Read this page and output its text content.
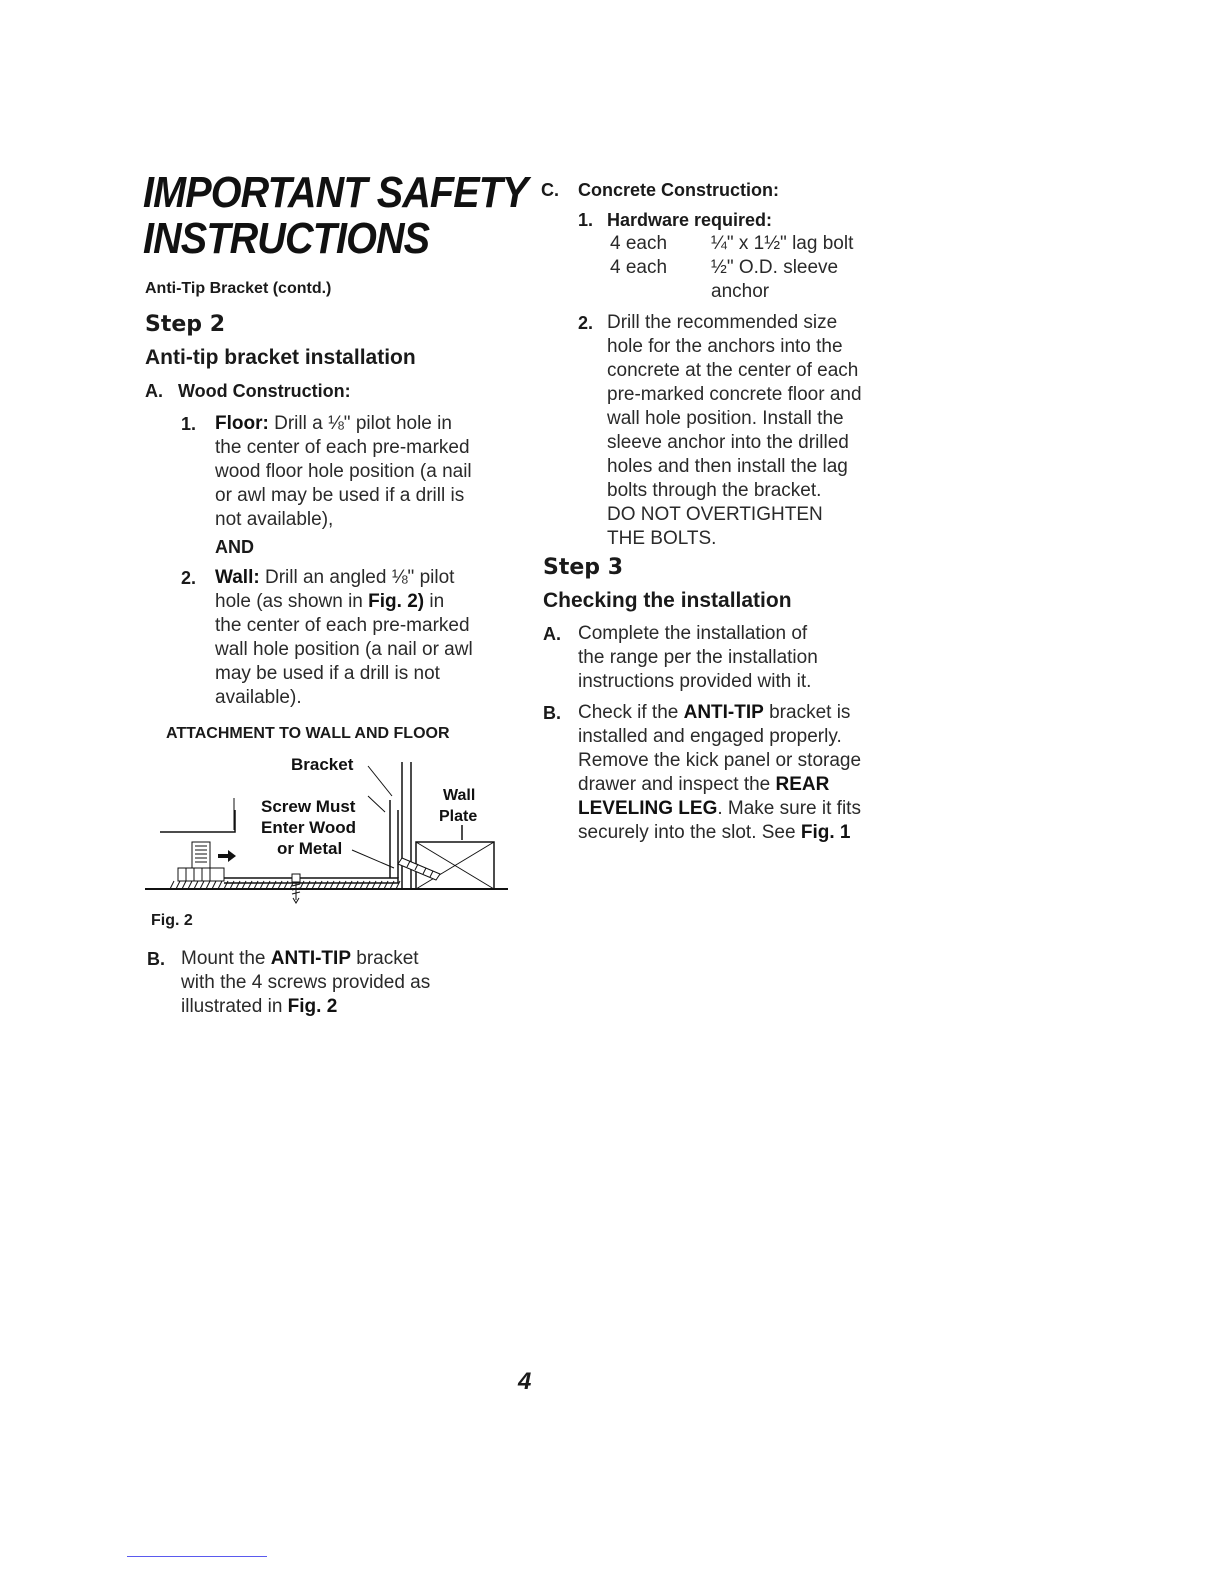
IMPORTANT SAFETY
INSTRUCTIONS
Anti-Tip Bracket (contd.)
Step 2
Anti-tip bracket installation
A. Wood Construction:
1. Floor: Drill a ⅛" pilot hole in
the center of each pre-marked
wood floor hole position (a nail
or awl may be used if a drill is
not available),
AND
2. Wall: Drill an angled ⅛" pilot
hole (as shown in Fig. 2) in
the center of each pre-marked
wall hole position (a nail or awl
may be used if a drill is not
available).
ATTACHMENT TO WALL AND FLOOR
Bracket
Screw Must
Enter Wood
or Metal
Wall
Plate
Fig. 2
B. Mount the ANTI-TIP bracket
with the 4 screws provided as
illustrated in Fig. 2
C. Concrete Construction:
1. Hardware required:
4 each ¼" x 1½" lag bolt
4 each ½" O.D. sleeve
anchor
2. Drill the recommended size
hole for the anchors into the
concrete at the center of each
pre-marked concrete floor and
wall hole position. Install the
sleeve anchor into the drilled
holes and then install the lag
bolts through the bracket.
DO NOT OVERTIGHTEN
THE BOLTS.
Step 3
Checking the installation
A. Complete the installation of
the range per the installation
instructions provided with it.
B. Check if the ANTI-TIP bracket is
installed and engaged properly.
Remove the kick panel or storage
drawer and inspect the REAR
LEVELING LEG. Make sure it fits
securely into the slot. See Fig. 1
4
